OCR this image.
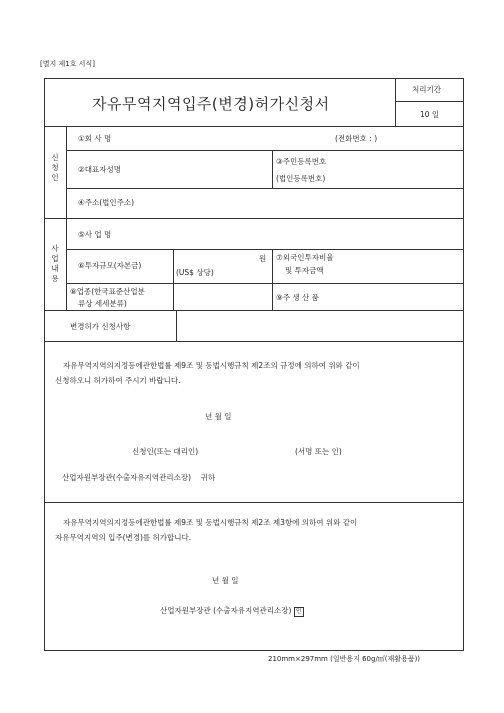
[별지 제1호 서식]
자유무역지역입주(변경)허가신청서
처리기간
10 일
신청인
①회 사 명	(전화번호 : )
②대표자성명
③주민등록번호
(법인등록번호)
④주소(법인주소)
사업내용
⑤사 업 명
⑥투자규모(자본금)
원
(US$ 상당)
⑦외국인투자비율
및 투자금액
⑧업종(한국표준산업분
류상 세세분류)
⑨주 생 산 품
변경허가 신청사항
자유무역지역의지정등에관한법률 제9조 및 동법시행규칙 제2조의 규정에 의하여 위와 같이
신청하오니 허가하여 주시기 바랍니다.
년 월 일
신청인(또는 대리인)	(서명 또는 인)
산업자원부장관(수출자유지역관리소장) 귀하
자유무역지역의지정등에관한법률 제9조 및 동법시행규칙 제2조 제3항에 의하여 위와 같이
자유무역지역의 입주(변경)를 허가합니다.
년 월 일
산업자원부장관 (수출자유지역관리소장) 인
210mm×297mm (일반용지 60g/㎡(재활용품))
